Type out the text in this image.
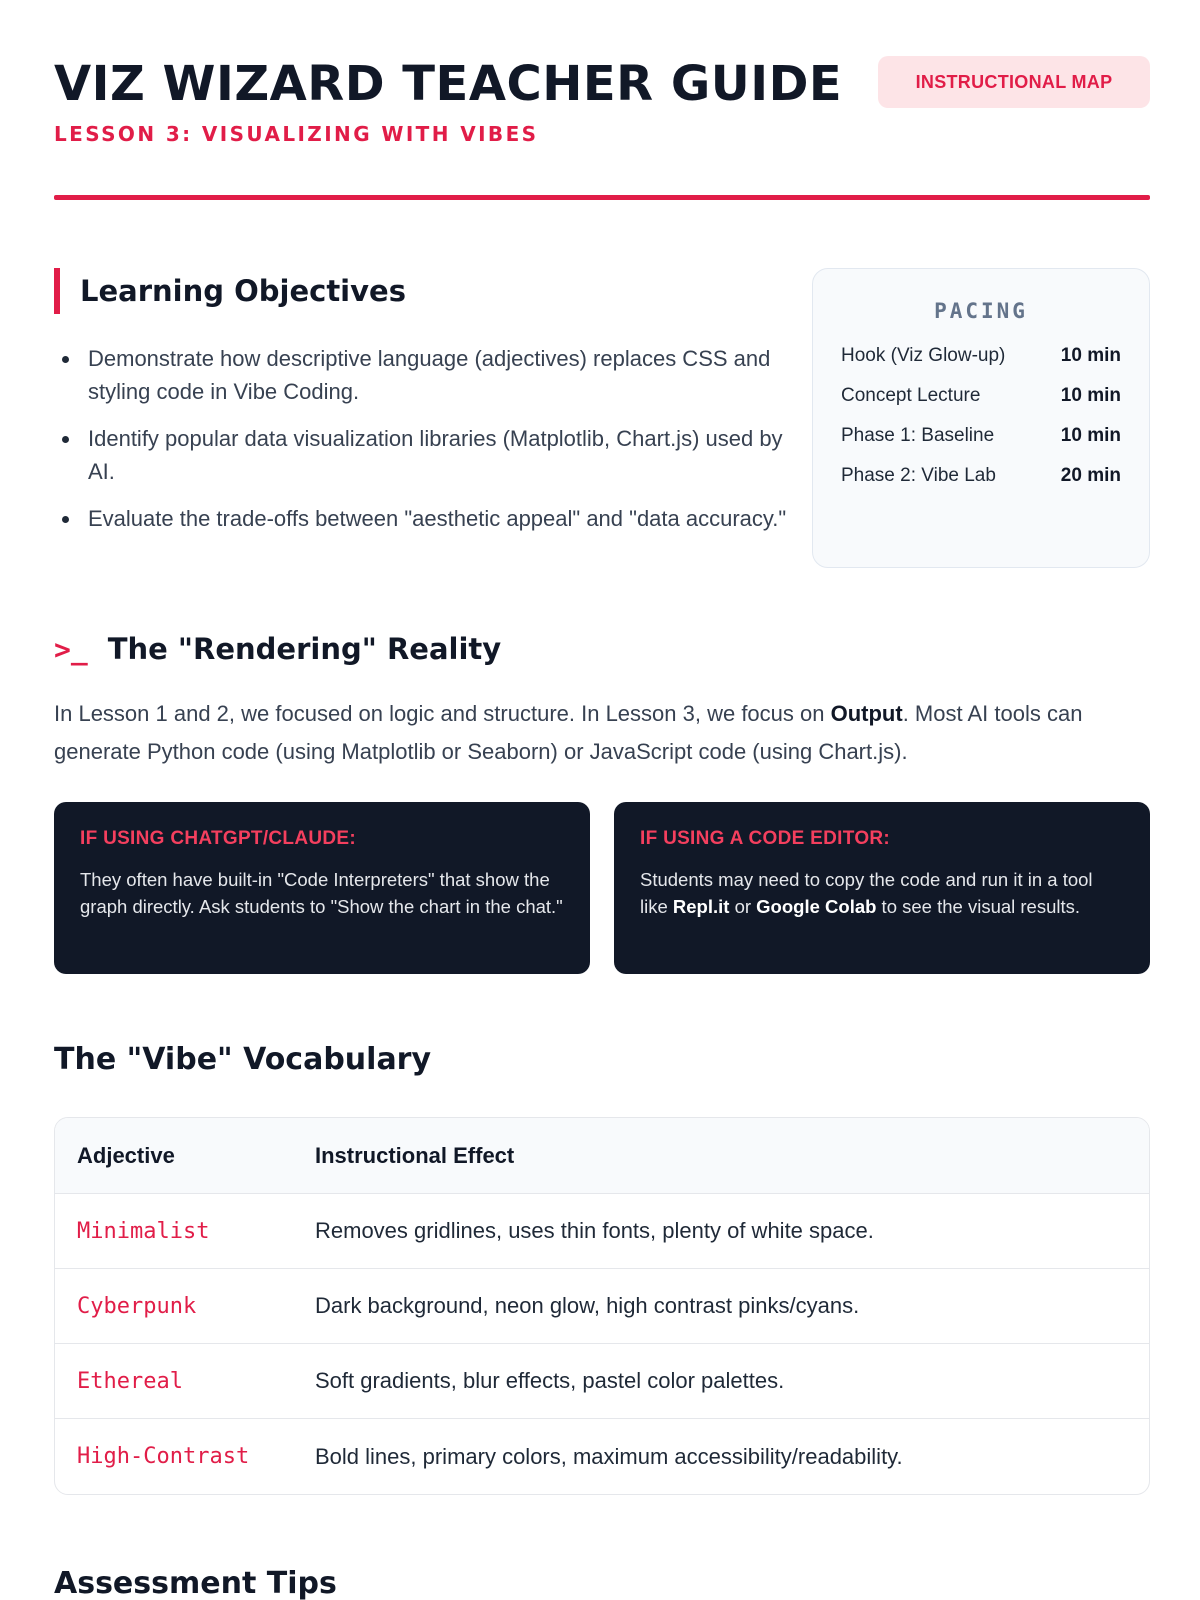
VIZ WIZARD TEACHER GUIDE
LESSON 3: VISUALIZING WITH VIBES
INSTRUCTIONAL MAP
Learning Objectives
Demonstrate how descriptive language (adjectives) replaces CSS and styling code in Vibe Coding.
Identify popular data visualization libraries (Matplotlib, Chart.js) used by AI.
Evaluate the trade-offs between "aesthetic appeal" and "data accuracy."
PACING
Hook (Viz Glow-up)	10 min
Concept Lecture	10 min
Phase 1: Baseline	10 min
Phase 2: Vibe Lab	20 min
>_ The "Rendering" Reality

In Lesson 1 and 2, we focused on logic and structure. In Lesson 3, we focus on Output. Most AI tools can generate Python code (using Matplotlib or Seaborn) or JavaScript code (using Chart.js).

IF USING CHATGPT/CLAUDE:
They often have built-in "Code Interpreters" that show the graph directly. Ask students to "Show the chart in the chat."
IF USING A CODE EDITOR:
Students may need to copy the code and run it in a tool like Repl.it or Google Colab to see the visual results.
The "Vibe" Vocabulary
Adjective	Instructional Effect
Minimalist	Removes gridlines, uses thin fonts, plenty of white space.
Cyberpunk	Dark background, neon glow, high contrast pinks/cyans.
Ethereal	Soft gradients, blur effects, pastel color palettes.
High-Contrast	Bold lines, primary colors, maximum accessibility/readability.
Assessment Tips
